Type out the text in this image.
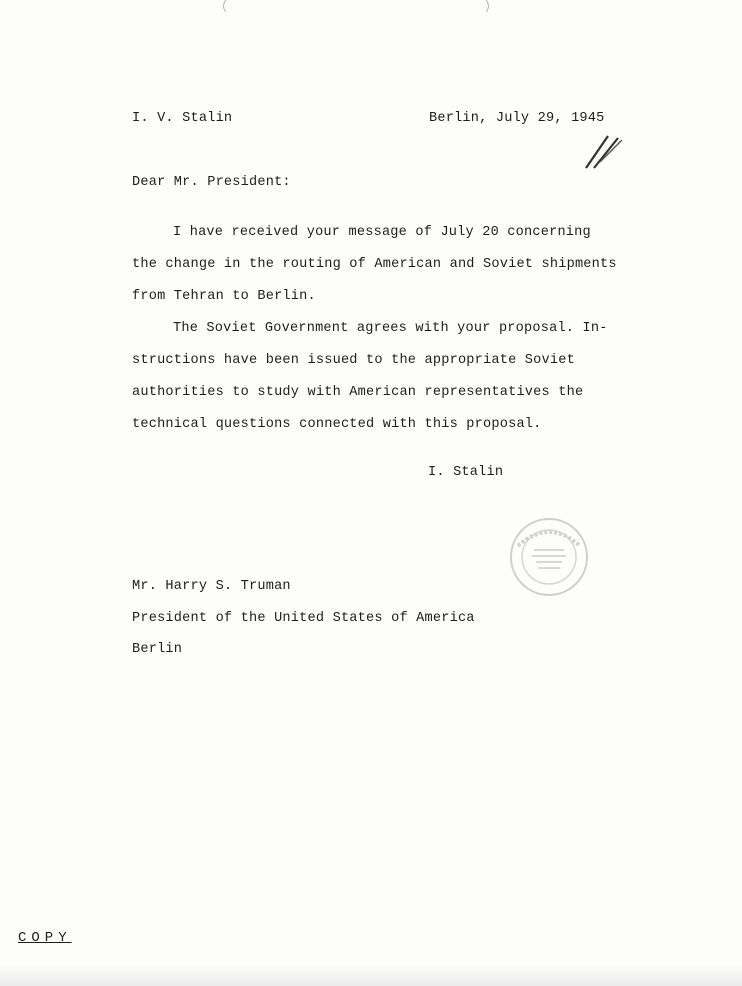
I. V. Stalin	Berlin, July 29, 1945
Dear Mr. President:
I have received your message of July 20 concerning
the change in the routing of American and Soviet shipments
from Tehran to Berlin.
The Soviet Government agrees with your proposal. In-
structions have been issued to the appropriate Soviet
authorities to study with American representatives the
technical questions connected with this proposal.
I. Stalin
Mr. Harry S. Truman
President of the United States of America
Berlin
COPY
